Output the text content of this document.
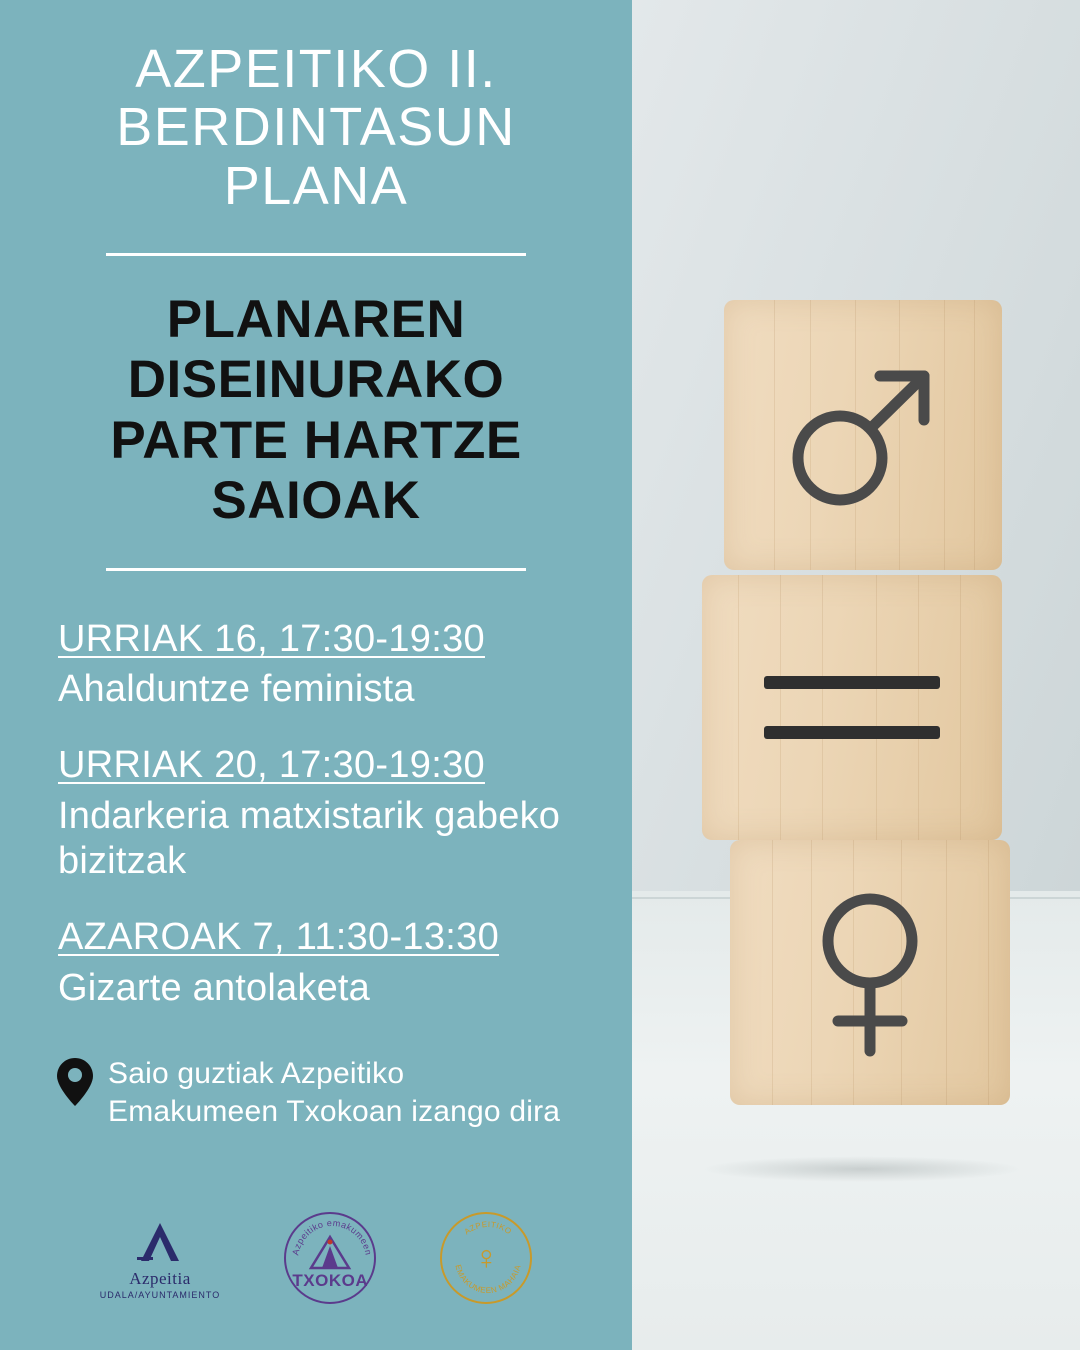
AZPEITIKO II. BERDINTASUN PLANA
PLANAREN DISEINURAKO PARTE HARTZE SAIOAK
URRIAK 16, 17:30-19:30
Ahalduntze feminista
URRIAK 20, 17:30-19:30
Indarkeria matxistarik gabeko bizitzak
AZAROAK 7, 11:30-13:30
Gizarte antolaketa
Saio guztiak Azpeitiko Emakumeen Txokoan izango dira
Azpeitia
UDALA/AYUNTAMIENTO
Azpeitiko emakumeen
TXOKOA
AZPEITIKO
EMAKUMEEN MAHAIA
♀
